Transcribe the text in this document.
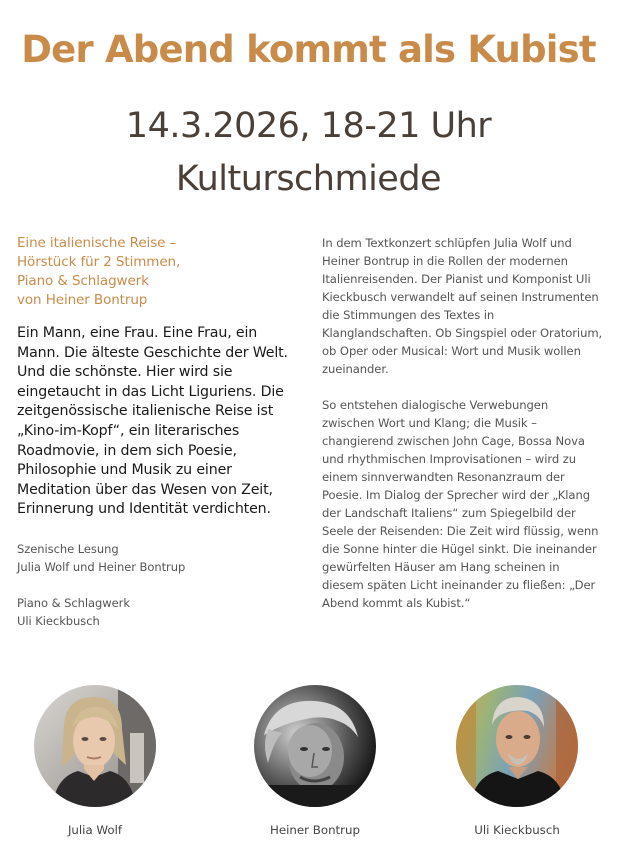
Der Abend kommt als Kubist
14.3.2026, 18-21 Uhr
Kulturschmiede
Eine italienische Reise –
Hörstück für 2 Stimmen,
Piano & Schlagwerk
von Heiner Bontrup
Ein Mann, eine Frau. Eine Frau, ein Mann. Die älteste Geschichte der Welt. Und die schönste. Hier wird sie eingetaucht in das Licht Liguriens. Die zeitgenössische italienische Reise ist „Kino-im-Kopf“, ein literarisches Roadmovie, in dem sich Poesie, Philosophie und Musik zu einer Meditation über das Wesen von Zeit, Erinnerung und Identität verdichten.
Szenische Lesung
Julia Wolf und Heiner Bontrup
Piano & Schlagwerk
Uli Kieckbusch

In dem Textkonzert schlüpfen Julia Wolf und Heiner Bontrup in die Rollen der modernen Italienreisenden. Der Pianist und Komponist Uli Kieckbusch verwandelt auf seinen Instrumenten die Stimmungen des Textes in Klanglandschaften. Ob Singspiel oder Oratorium, ob Oper oder Musical: Wort und Musik wollen zueinander.

So entstehen dialogische Verwebungen zwischen Wort und Klang; die Musik – changierend zwischen John Cage, Bossa Nova und rhythmischen Improvisationen – wird zu einem sinnverwandten Resonanzraum der Poesie. Im Dialog der Sprecher wird der „Klang der Landschaft Italiens“ zum Spiegelbild der Seele der Reisenden: Die Zeit wird flüssig, wenn die Sonne hinter die Hügel sinkt. Die ineinander gewürfelten Häuser am Hang scheinen in diesem späten Licht ineinander zu fließen: „Der Abend kommt als Kubist.“

Julia Wolf	Heiner Bontrup	Uli Kieckbusch
